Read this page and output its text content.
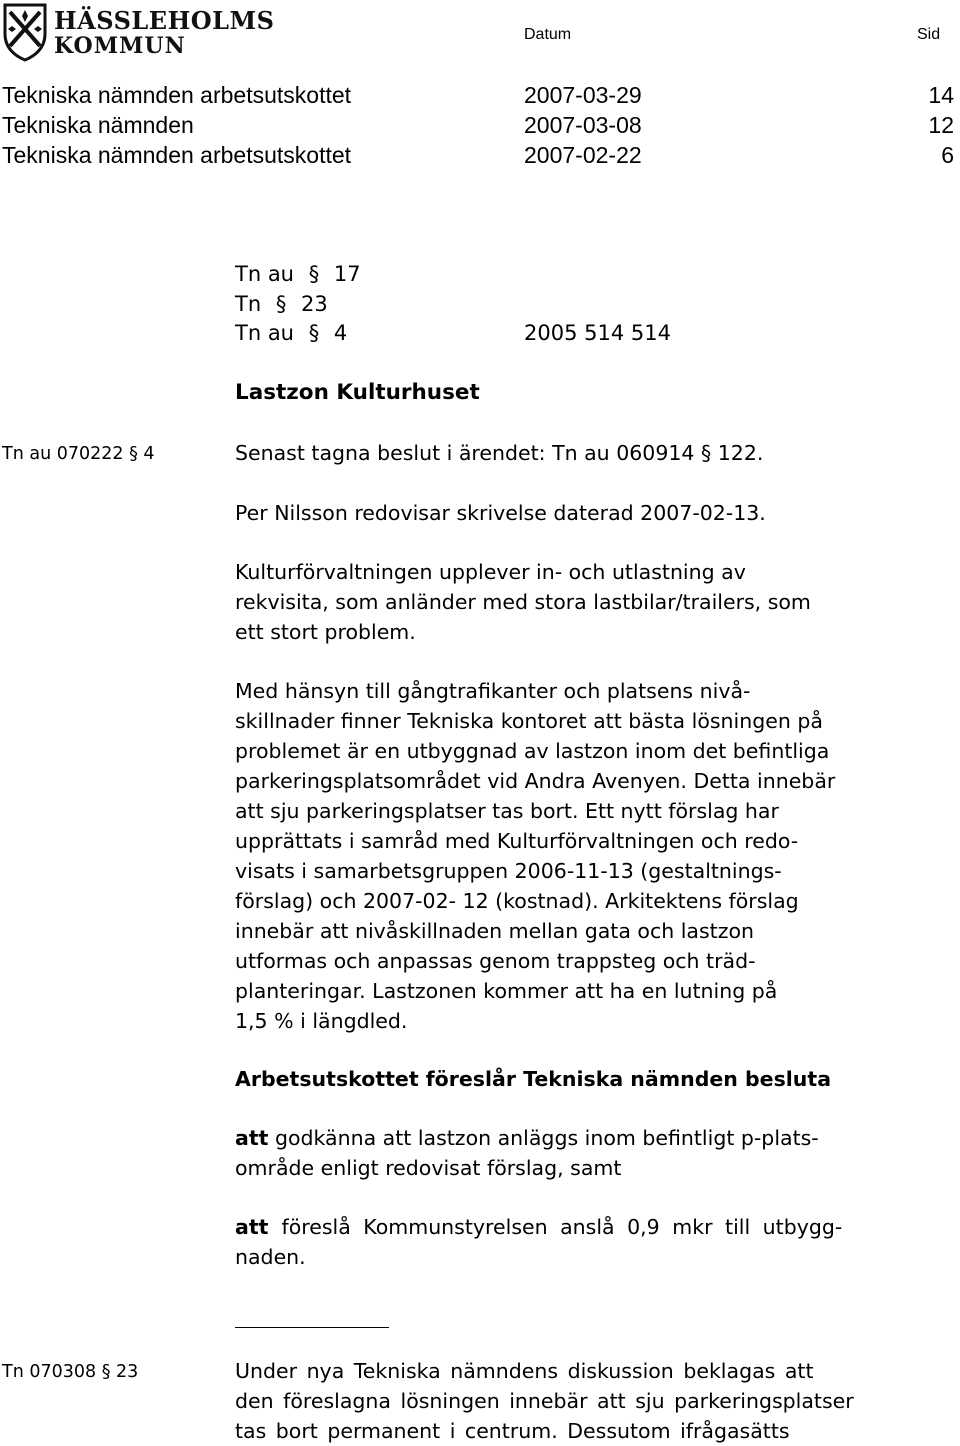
HÄSSLEHOLMS
KOMMUN	Datum	Sid
Tekniska nämnden arbetsutskottet	2007-03-29	14
Tekniska nämnden	2007-03-08	12
Tekniska nämnden arbetsutskottet	2007-02-22	6
Tn au § 17
Tn § 23
Tn au § 4	2005 514 514
Lastzon Kulturhuset
Tn au 070222 § 4	Senast tagna beslut i ärendet: Tn au 060914 § 122.
Per Nilsson redovisar skrivelse daterad 2007-02-13.
Kulturförvaltningen upplever in- och utlastning av
rekvisita, som anländer med stora lastbilar/trailers, som
ett stort problem.
Med hänsyn till gångtrafikanter och platsens nivå-
skillnader finner Tekniska kontoret att bästa lösningen på
problemet är en utbyggnad av lastzon inom det befintliga
parkeringsplatsområdet vid Andra Avenyen. Detta innebär
att sju parkeringsplatser tas bort. Ett nytt förslag har
upprättats i samråd med Kulturförvaltningen och redo-
visats i samarbetsgruppen 2006-11-13 (gestaltnings-
förslag) och 2007-02- 12 (kostnad). Arkitektens förslag
innebär att nivåskillnaden mellan gata och lastzon
utformas och anpassas genom trappsteg och träd-
planteringar. Lastzonen kommer att ha en lutning på
1,5 % i längdled.
Arbetsutskottet föreslår Tekniska nämnden besluta
att godkänna att lastzon anläggs inom befintligt p-plats-
område enligt redovisat förslag, samt
att föreslå Kommunstyrelsen anslå 0,9 mkr till utbygg-
naden.
Tn 070308 § 23	Under nya Tekniska nämndens diskussion beklagas att
den föreslagna lösningen innebär att sju parkeringsplatser
tas bort permanent i centrum. Dessutom ifrågasätts
